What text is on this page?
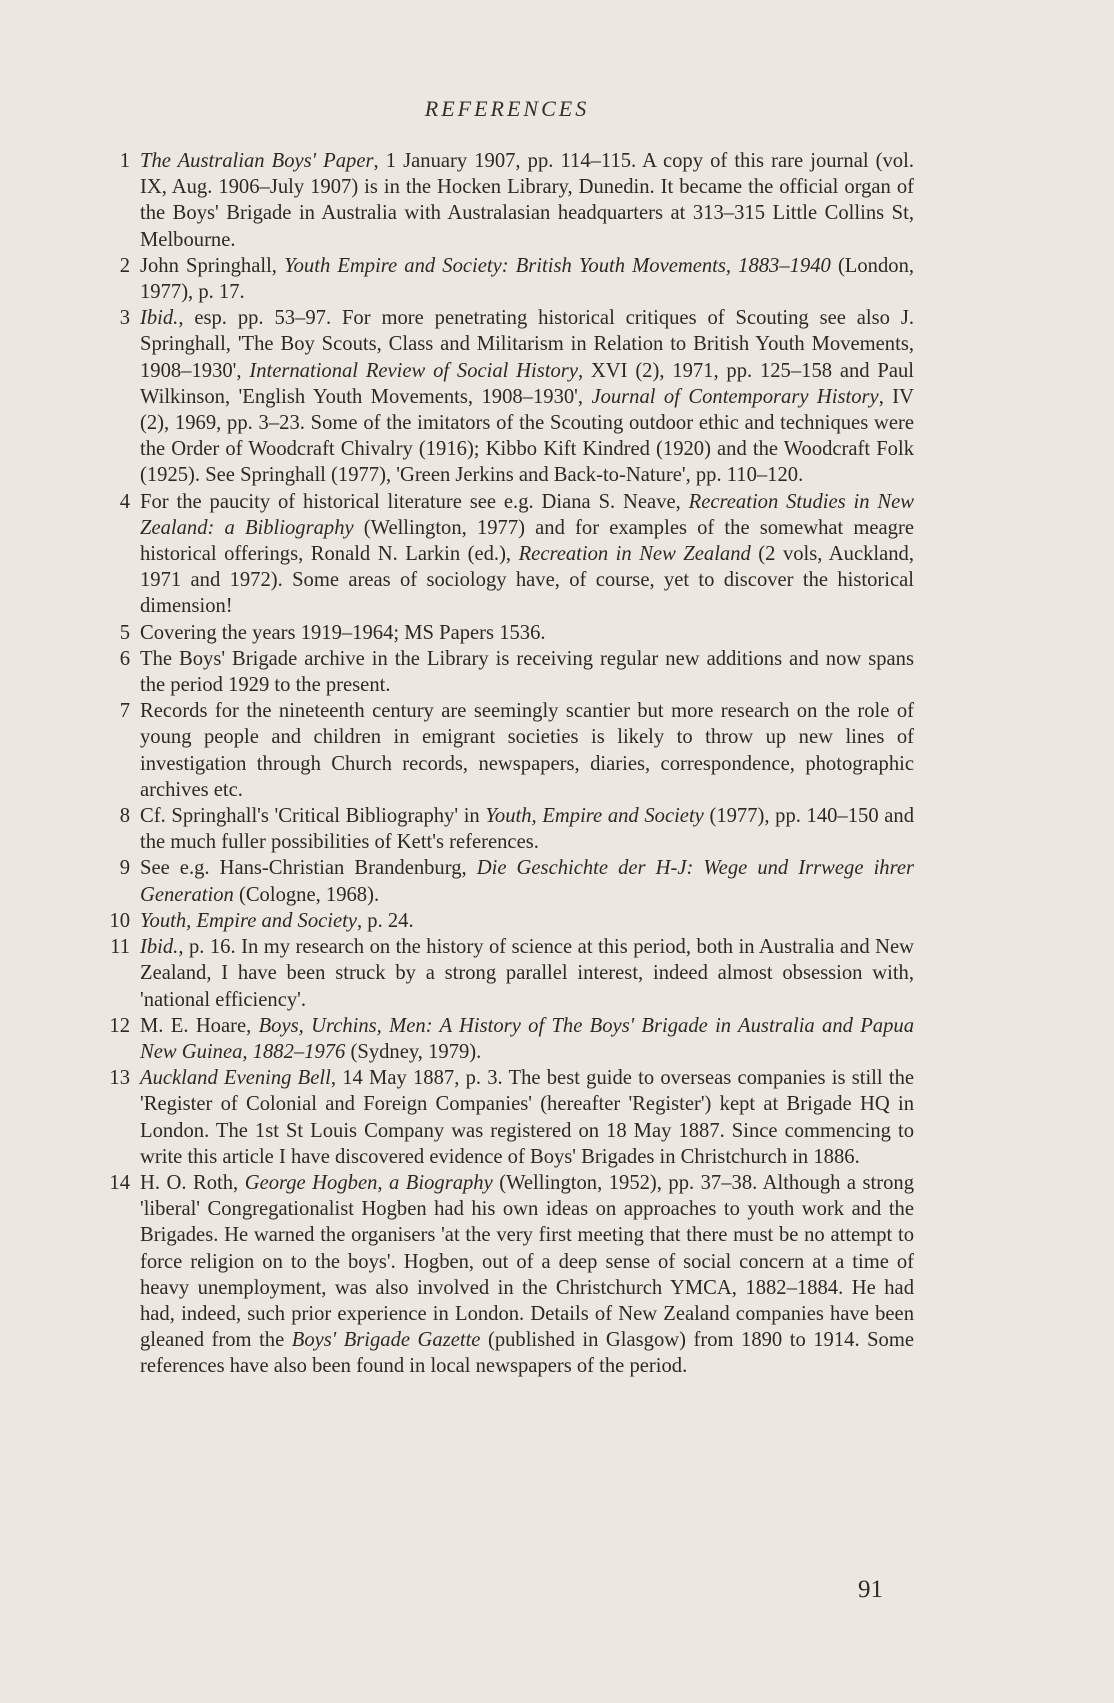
REFERENCES
1 The Australian Boys' Paper, 1 January 1907, pp. 114–115. A copy of this rare journal (vol. IX, Aug. 1906–July 1907) is in the Hocken Library, Dunedin. It became the official organ of the Boys' Brigade in Australia with Australasian headquarters at 313–315 Little Collins St, Melbourne.
2 John Springhall, Youth Empire and Society: British Youth Movements, 1883–1940 (London, 1977), p. 17.
3 Ibid., esp. pp. 53–97. For more penetrating historical critiques of Scouting see also J. Springhall, 'The Boy Scouts, Class and Militarism in Relation to British Youth Movements, 1908–1930', International Review of Social History, XVI (2), 1971, pp. 125–158 and Paul Wilkinson, 'English Youth Movements, 1908–1930', Journal of Contemporary History, IV (2), 1969, pp. 3–23. Some of the imitators of the Scouting outdoor ethic and techniques were the Order of Woodcraft Chivalry (1916); Kibbo Kift Kindred (1920) and the Woodcraft Folk (1925). See Springhall (1977), 'Green Jerkins and Back-to-Nature', pp. 110–120.
4 For the paucity of historical literature see e.g. Diana S. Neave, Recreation Studies in New Zealand: a Bibliography (Wellington, 1977) and for examples of the somewhat meagre historical offerings, Ronald N. Larkin (ed.), Recreation in New Zealand (2 vols, Auckland, 1971 and 1972). Some areas of sociology have, of course, yet to discover the historical dimension!
5 Covering the years 1919–1964; MS Papers 1536.
6 The Boys' Brigade archive in the Library is receiving regular new additions and now spans the period 1929 to the present.
7 Records for the nineteenth century are seemingly scantier but more research on the role of young people and children in emigrant societies is likely to throw up new lines of investigation through Church records, newspapers, diaries, correspondence, photographic archives etc.
8 Cf. Springhall's 'Critical Bibliography' in Youth, Empire and Society (1977), pp. 140–150 and the much fuller possibilities of Kett's references.
9 See e.g. Hans-Christian Brandenburg, Die Geschichte der H-J: Wege und Irrwege ihrer Generation (Cologne, 1968).
10 Youth, Empire and Society, p. 24.
11 Ibid., p. 16. In my research on the history of science at this period, both in Australia and New Zealand, I have been struck by a strong parallel interest, indeed almost obsession with, 'national efficiency'.
12 M. E. Hoare, Boys, Urchins, Men: A History of The Boys' Brigade in Australia and Papua New Guinea, 1882–1976 (Sydney, 1979).
13 Auckland Evening Bell, 14 May 1887, p. 3. The best guide to overseas companies is still the 'Register of Colonial and Foreign Companies' (hereafter 'Register') kept at Brigade HQ in London. The 1st St Louis Company was registered on 18 May 1887. Since commencing to write this article I have discovered evidence of Boys' Brigades in Christchurch in 1886.
14 H. O. Roth, George Hogben, a Biography (Wellington, 1952), pp. 37–38. Although a strong 'liberal' Congregationalist Hogben had his own ideas on approaches to youth work and the Brigades. He warned the organisers 'at the very first meeting that there must be no attempt to force religion on to the boys'. Hogben, out of a deep sense of social concern at a time of heavy unemployment, was also involved in the Christchurch YMCA, 1882–1884. He had had, indeed, such prior experience in London. Details of New Zealand companies have been gleaned from the Boys' Brigade Gazette (published in Glasgow) from 1890 to 1914. Some references have also been found in local newspapers of the period.
91
